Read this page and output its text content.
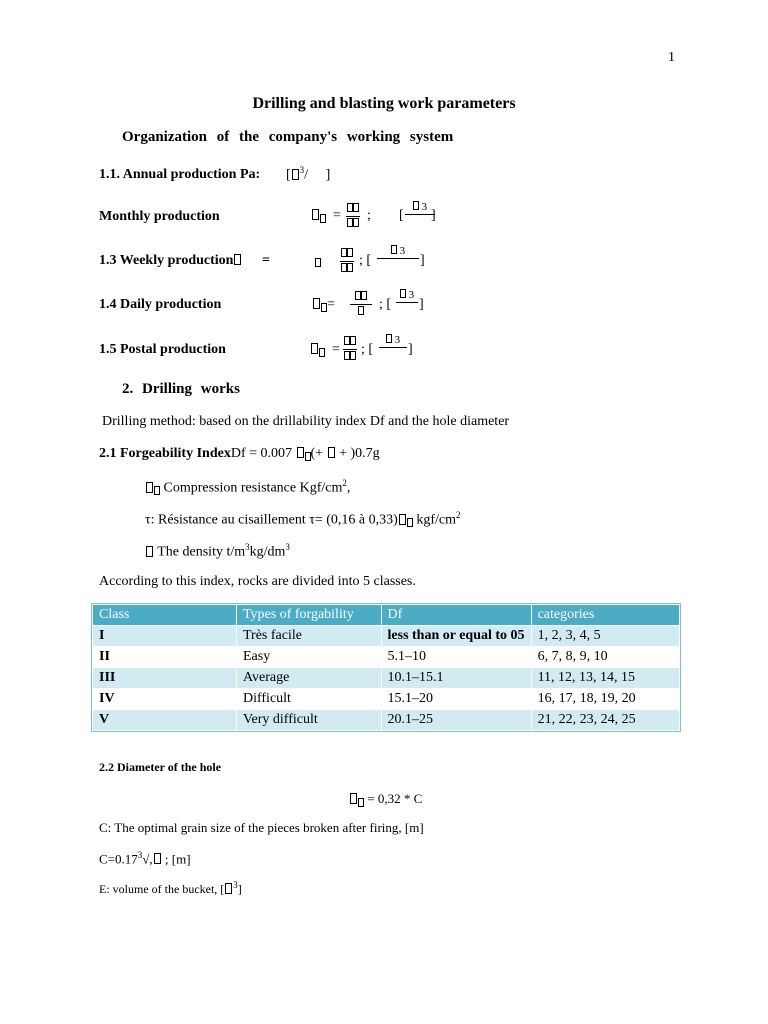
1
Drilling and blasting work parameters
Organization of the company's working system
1.1. Annual production Pa: [ $^3$/ ]
Monthly production	= ; [
3
]
1.3 Weekly production	=	; [
3
]
1.4 Daily production	=	; [
3
]
1.5 Postal production	= ; [
3
]
2. Drilling works
Drilling method: based on the drillability index Df and the hole diameter
2.1 Forgeability IndexDf = 0.007 (+ + )0.7g
Compression resistance Kgf/$cm^2$,
τ: Résistance au cisaillement τ= (0,16 à 0,33) kgf/$cm^2$
The density $t/m^3kg/dm^3$
According to this index, rocks are divided into 5 classes.
Class	Types of forgability	Df	categories
I	Très facile	less than or equal to 05	1, 2, 3, 4, 5
II	Easy	5.1–10	6, 7, 8, 9, 10
III	Average	10.1–15.1	11, 12, 13, 14, 15
IV	Difficult	15.1–20	16, 17, 18, 19, 20
V	Very difficult	20.1–25	21, 22, 23, 24, 25
2.2 Diameter of the hole
= 0,32 * C
C: The optimal grain size of the pieces broken after firing, [m]
$C=0.17^3√$, ; [m]
E: volume of the bucket, [ $^3$]
